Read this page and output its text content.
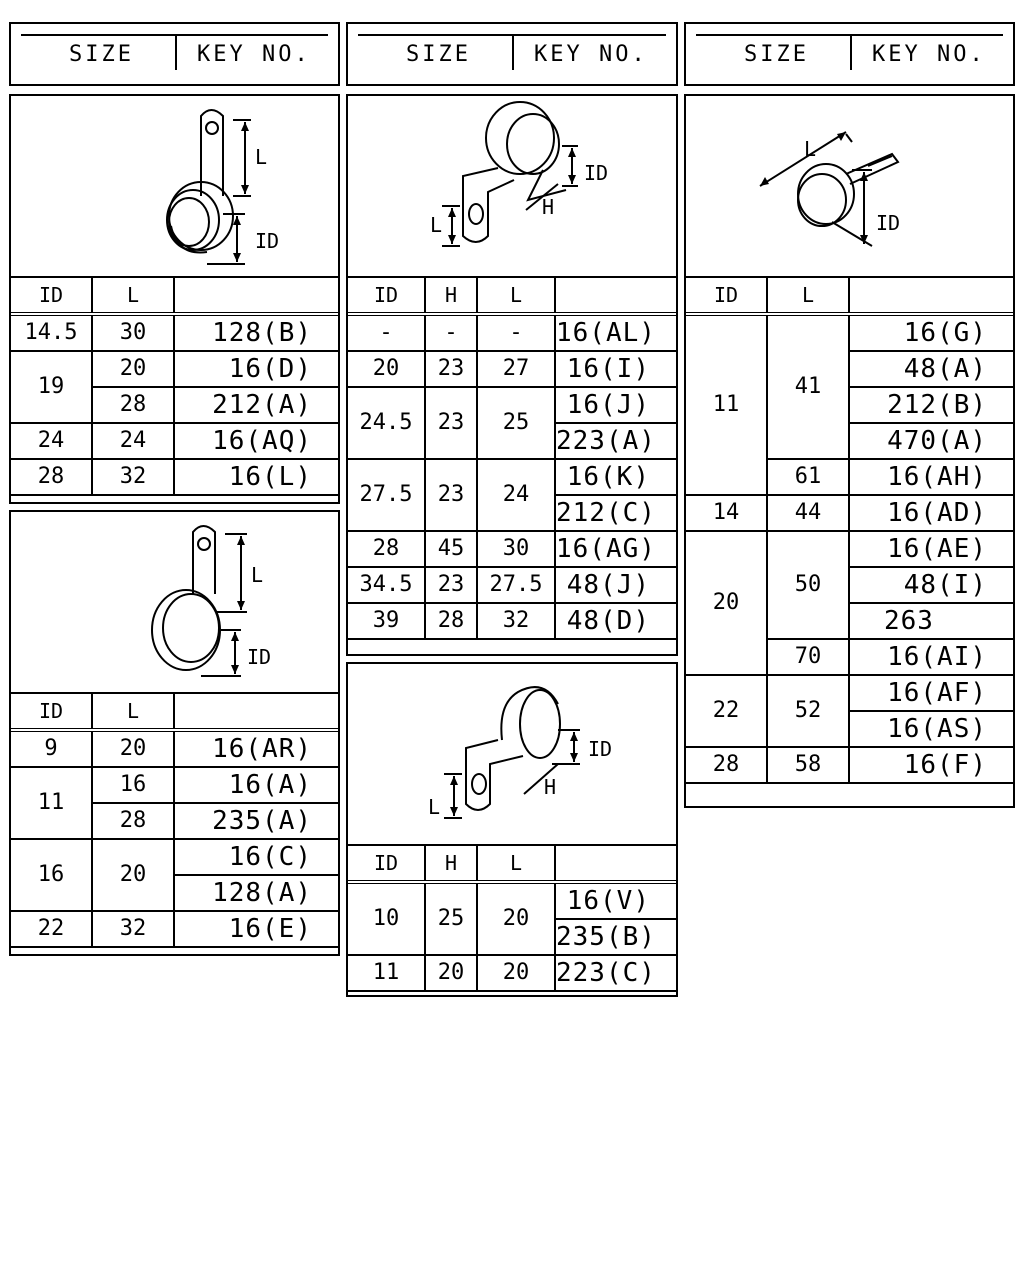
SIZE	KEY NO.	SIZE	KEY NO.	SIZE	KEY NO.
L
ID
ID	L	
14.5	30	128(B)
19	20	16(D)
	28	212(A)
24	24	16(AQ)
28	32	16(L)
L
ID
ID	L	
9	20	16(AR)
11	16	16(A)
	28	235(A)
16	20	16(C)
		128(A)
22	32	16(E)
ID
H
L
ID	H	L	
-	-	-	16(AL)
20	23	27	16(I)
24.5	23	25	16(J)
			223(A)
27.5	23	24	16(K)
			212(C)
28	45	30	16(AG)
34.5	23	27.5	48(J)
39	28	32	48(D)
ID
H
L
ID	H	L	
10	25	20	16(V)
			235(B)
11	20	20	223(C)
L
ID
ID	L	
11	41	16(G)
		48(A)
		212(B)
		470(A)
	61	16(AH)
14	44	16(AD)
20	50	16(AE)
		48(I)
		263
	70	16(AI)
22	52	16(AF)
		16(AS)
28	58	16(F)
